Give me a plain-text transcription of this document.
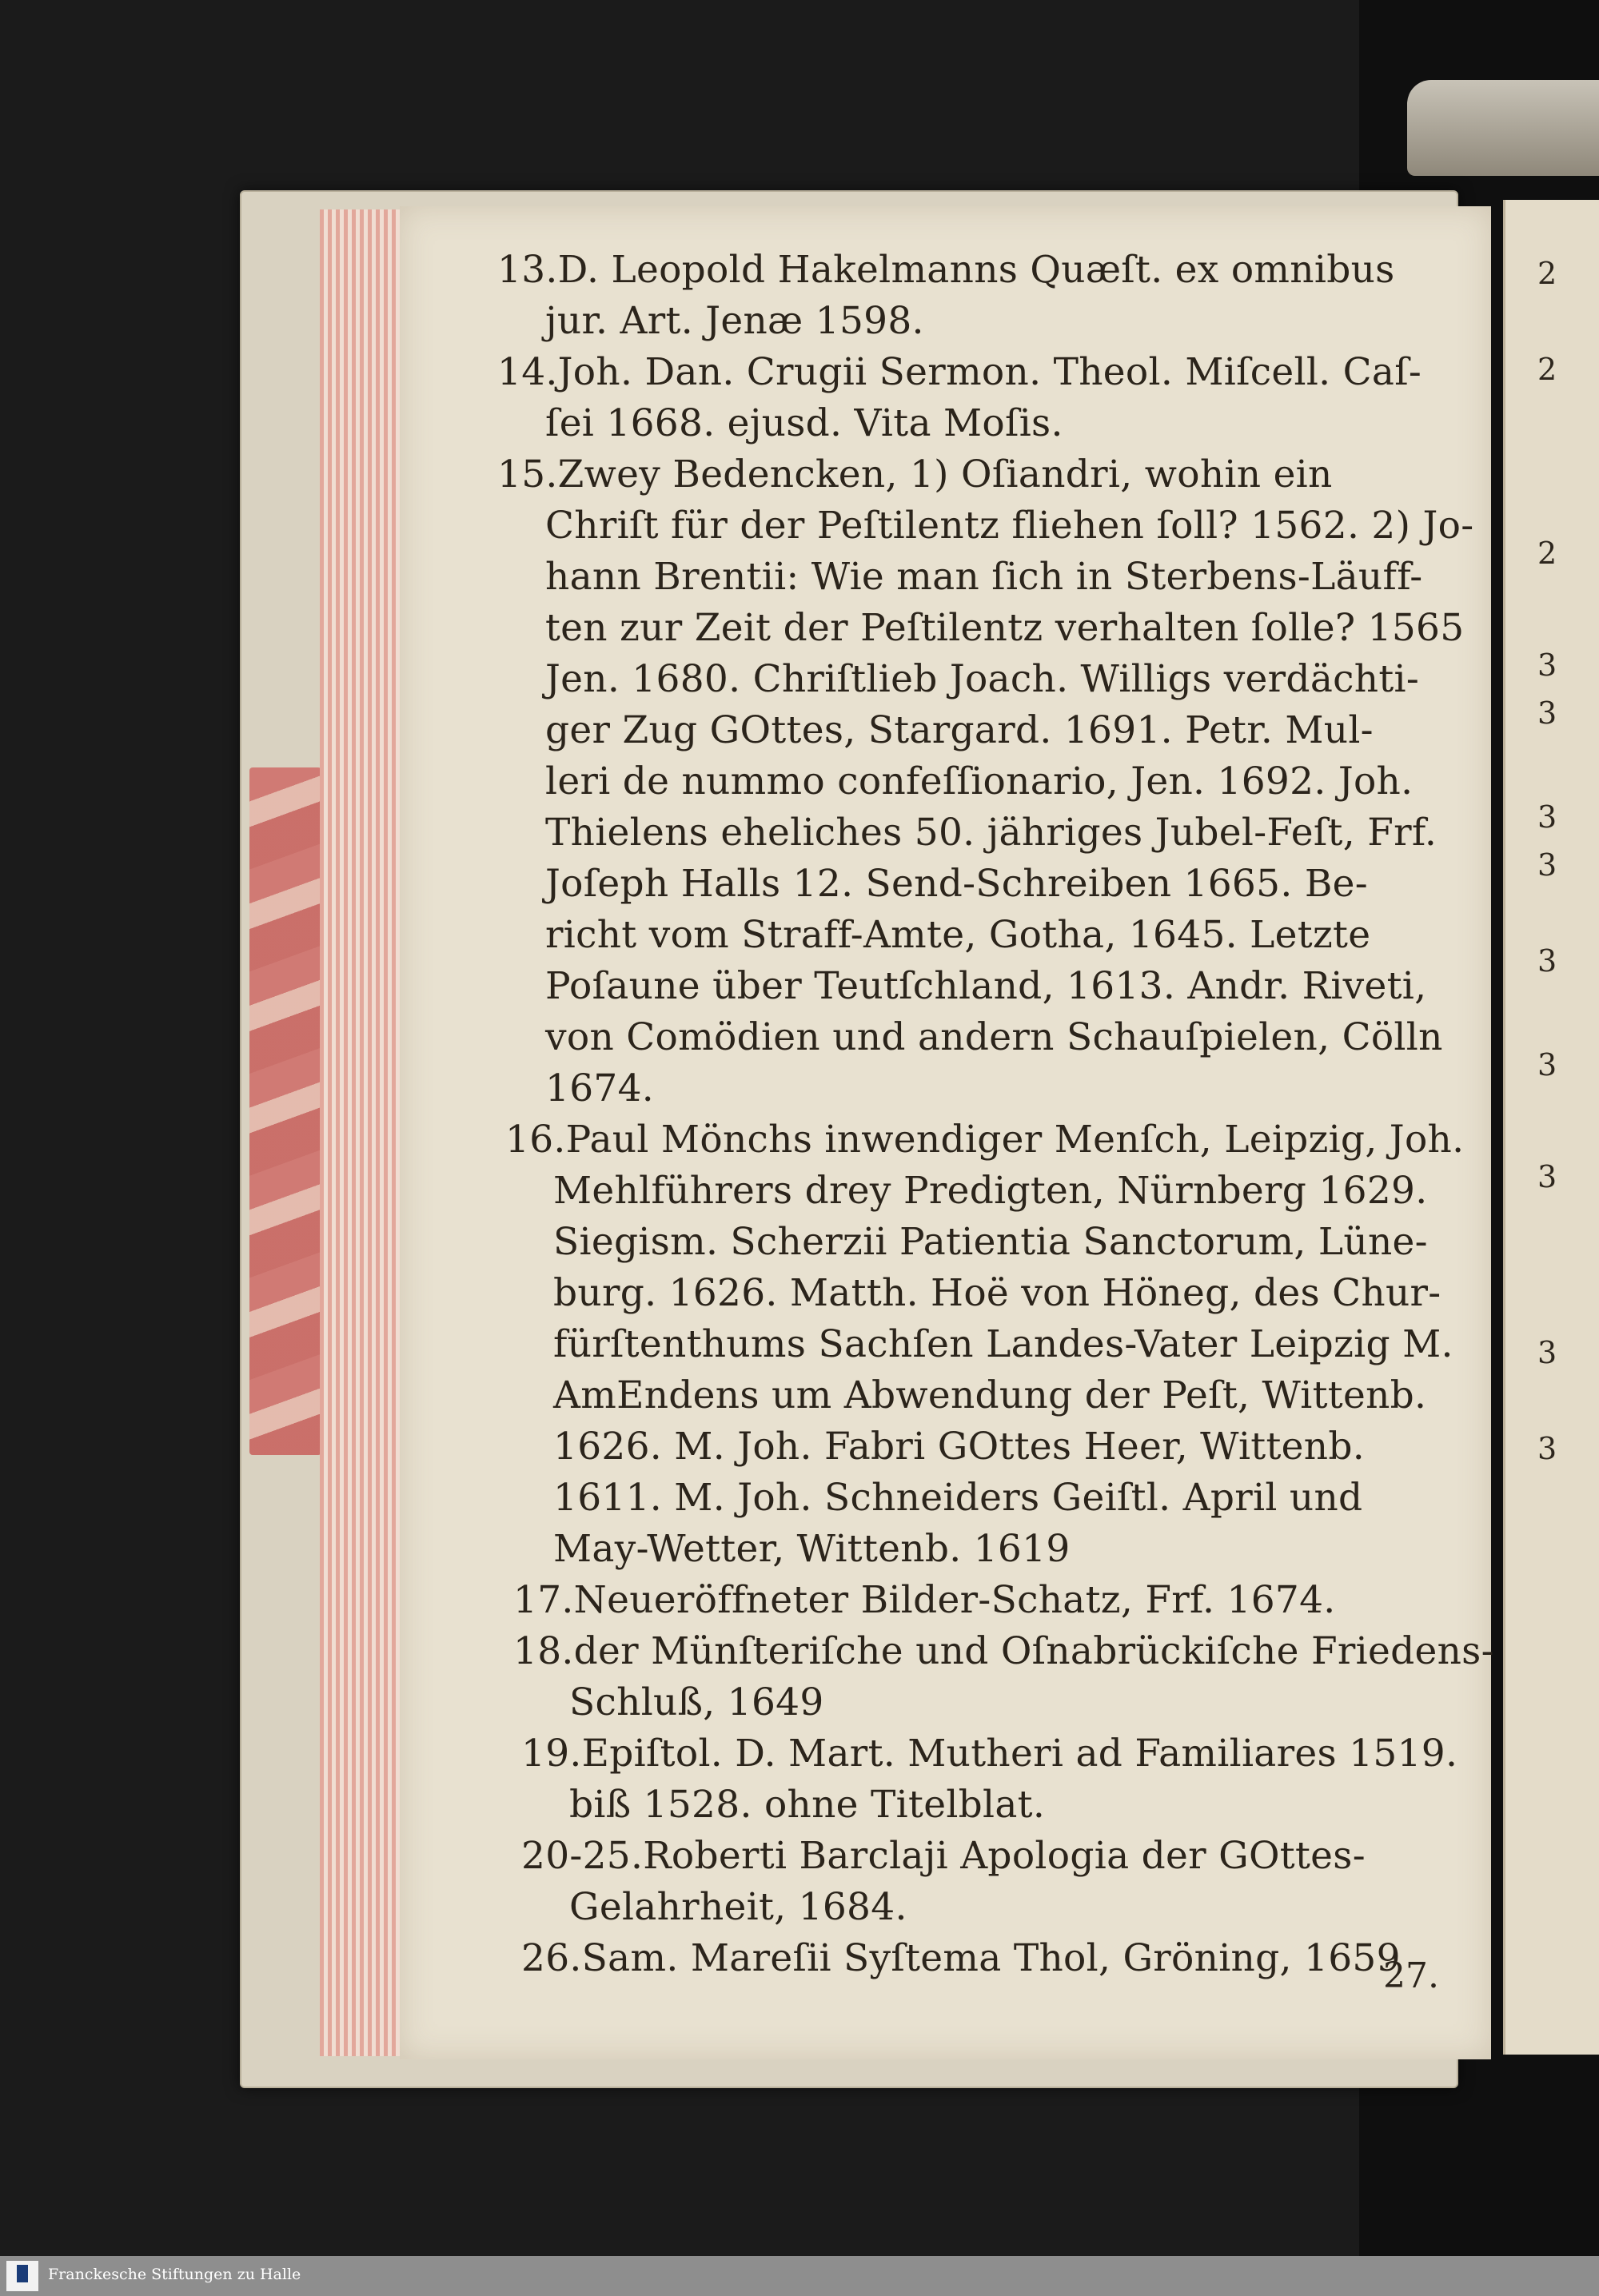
2
2
2
3
3
3
3
3
3
3
3
3
13.D. Leopold Hakelmanns Quæſt. ex omnibus
jur. Art. Jenæ 1598.
14.Joh. Dan. Crugii Sermon. Theol. Miſcell. Caſ-
ſei 1668. ejusd. Vita Moſis.
15.Zwey Bedencken, 1) Oſiandri, wohin ein
Chriſt für der Peſtilentz fliehen ſoll? 1562. 2) Jo-
hann Brentii: Wie man ſich in Sterbens-Läuff-
ten zur Zeit der Peſtilentz verhalten ſolle? 1565
Jen. 1680. Chriſtlieb Joach. Willigs verdächti-
ger Zug GOttes, Stargard. 1691. Petr. Mul-
leri de nummo confeſſionario, Jen. 1692. Joh.
Thielens eheliches 50. jähriges Jubel-Feſt, Frf.
Joſeph Halls 12. Send-Schreiben 1665. Be-
richt vom Straff-Amte, Gotha, 1645. Letzte
Poſaune über Teutſchland, 1613. Andr. Riveti,
von Comödien und andern Schauſpielen, Cölln
1674.
16.Paul Mönchs inwendiger Menſch, Leipzig, Joh.
Mehlführers drey Predigten, Nürnberg 1629.
Siegism. Scherzii Patientia Sanctorum, Lüne-
burg. 1626. Matth. Hoë von Höneg, des Chur-
fürſtenthums Sachſen Landes-Vater Leipzig M.
AmEndens um Abwendung der Peſt, Wittenb.
1626. M. Joh. Fabri GOttes Heer, Wittenb.
1611. M. Joh. Schneiders Geiſtl. April und
May-Wetter, Wittenb. 1619
17.Neueröffneter Bilder-Schatz, Frf. 1674.
18.der Münſteriſche und Oſnabrückiſche Friedens-
Schluß, 1649
19.Epiſtol. D. Mart. Mutheri ad Familiares 1519.
biß 1528. ohne Titelblat.
20-25.Roberti Barclaji Apologia der GOttes-
Gelahrheit, 1684.
26.Sam. Mareſii Syſtema Thol, Gröning, 1659
27.
Franckesche Stiftungen zu Halle
